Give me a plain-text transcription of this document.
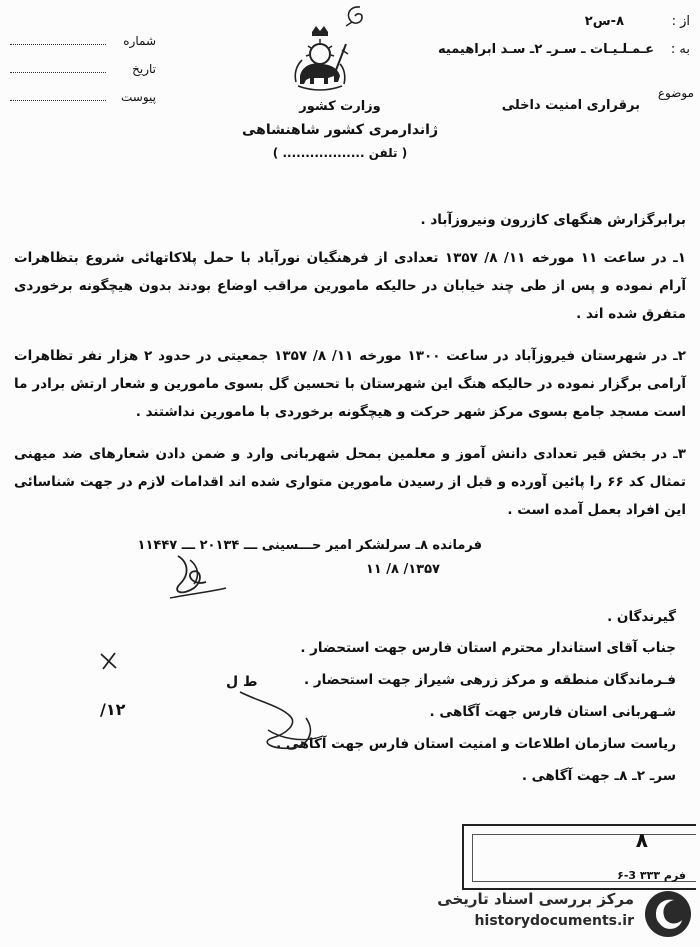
از :
۸-س۲
به :
عـمـلـیـات ـ سـرـ ۲ـ سـد ابراهیمیه
موضوع
برقراری امنیت داخلی
وزارت کشور
ژاندارمری کشور شاهنشاهی
( تلفن .................. )
شماره
تاریخ
پیوست
برابرگزارش هنگهای کازرون ونیروزآباد .
۱ـ در ساعت ۱۱ مورخه ۱۱/ ۸/ ۱۳۵۷ تعدادی از فرهنگیان نورآباد با حمل پلاکاتهائی شروع بتظاهرات آرام نموده و پس از طی چند خیابان در حالیکه مامورین مراقب اوضاع بودند بدون هیچگونه برخوردی متفرق شده اند .
۲ـ در شهرستان فیروزآباد در ساعت ۱۳۰۰ مورخه ۱۱/ ۸/ ۱۳۵۷ جمعیتی در حدود ۲ هزار نفر تظاهرات آرامی برگزار نموده در حالیکه هنگ این شهرستان با تحسین گل بسوی مامورین و شعار ارتش برادر ما است مسجد جامع بسوی مرکز شهر حرکت و هیچگونه برخوردی با مامورین نداشتند .
۳ـ در بخش قیر تعدادی دانش آموز و معلمین بمحل شهربانی وارد و ضمن دادن شعارهای ضد میهنی تمثال کد ۶۶ را پائین آورده و قبل از رسیدن مامورین متواری شده اند اقدامات لازم در جهت شناسائی این افراد بعمل آمده است .
فرمانده ۸ـ سرلشکر امیر حـــسینی ـــ ۲۰۱۳۴ ـــ ۱۱۴۴۷
۱۳۵۷/ ۸/ ۱۱
گیرندگان .
جناب آقای استاندار محترم استان فارس جهت استحضار .
فـرماندگان منطقه و مرکز زرهی شیراز جهت استحضار .
شـهربانی استان فارس جهت آگاهی .
ریاست سازمان اطلاعات و امنیت استان فارس جهت آگاهی .
سرـ ۲ـ ۸ـ جهت آگاهی .
ط ل
۱۲/
۸
۶-3 ۳۳۳ فرم
مرکز بررسی اسناد تاریخی
historydocuments.ir
